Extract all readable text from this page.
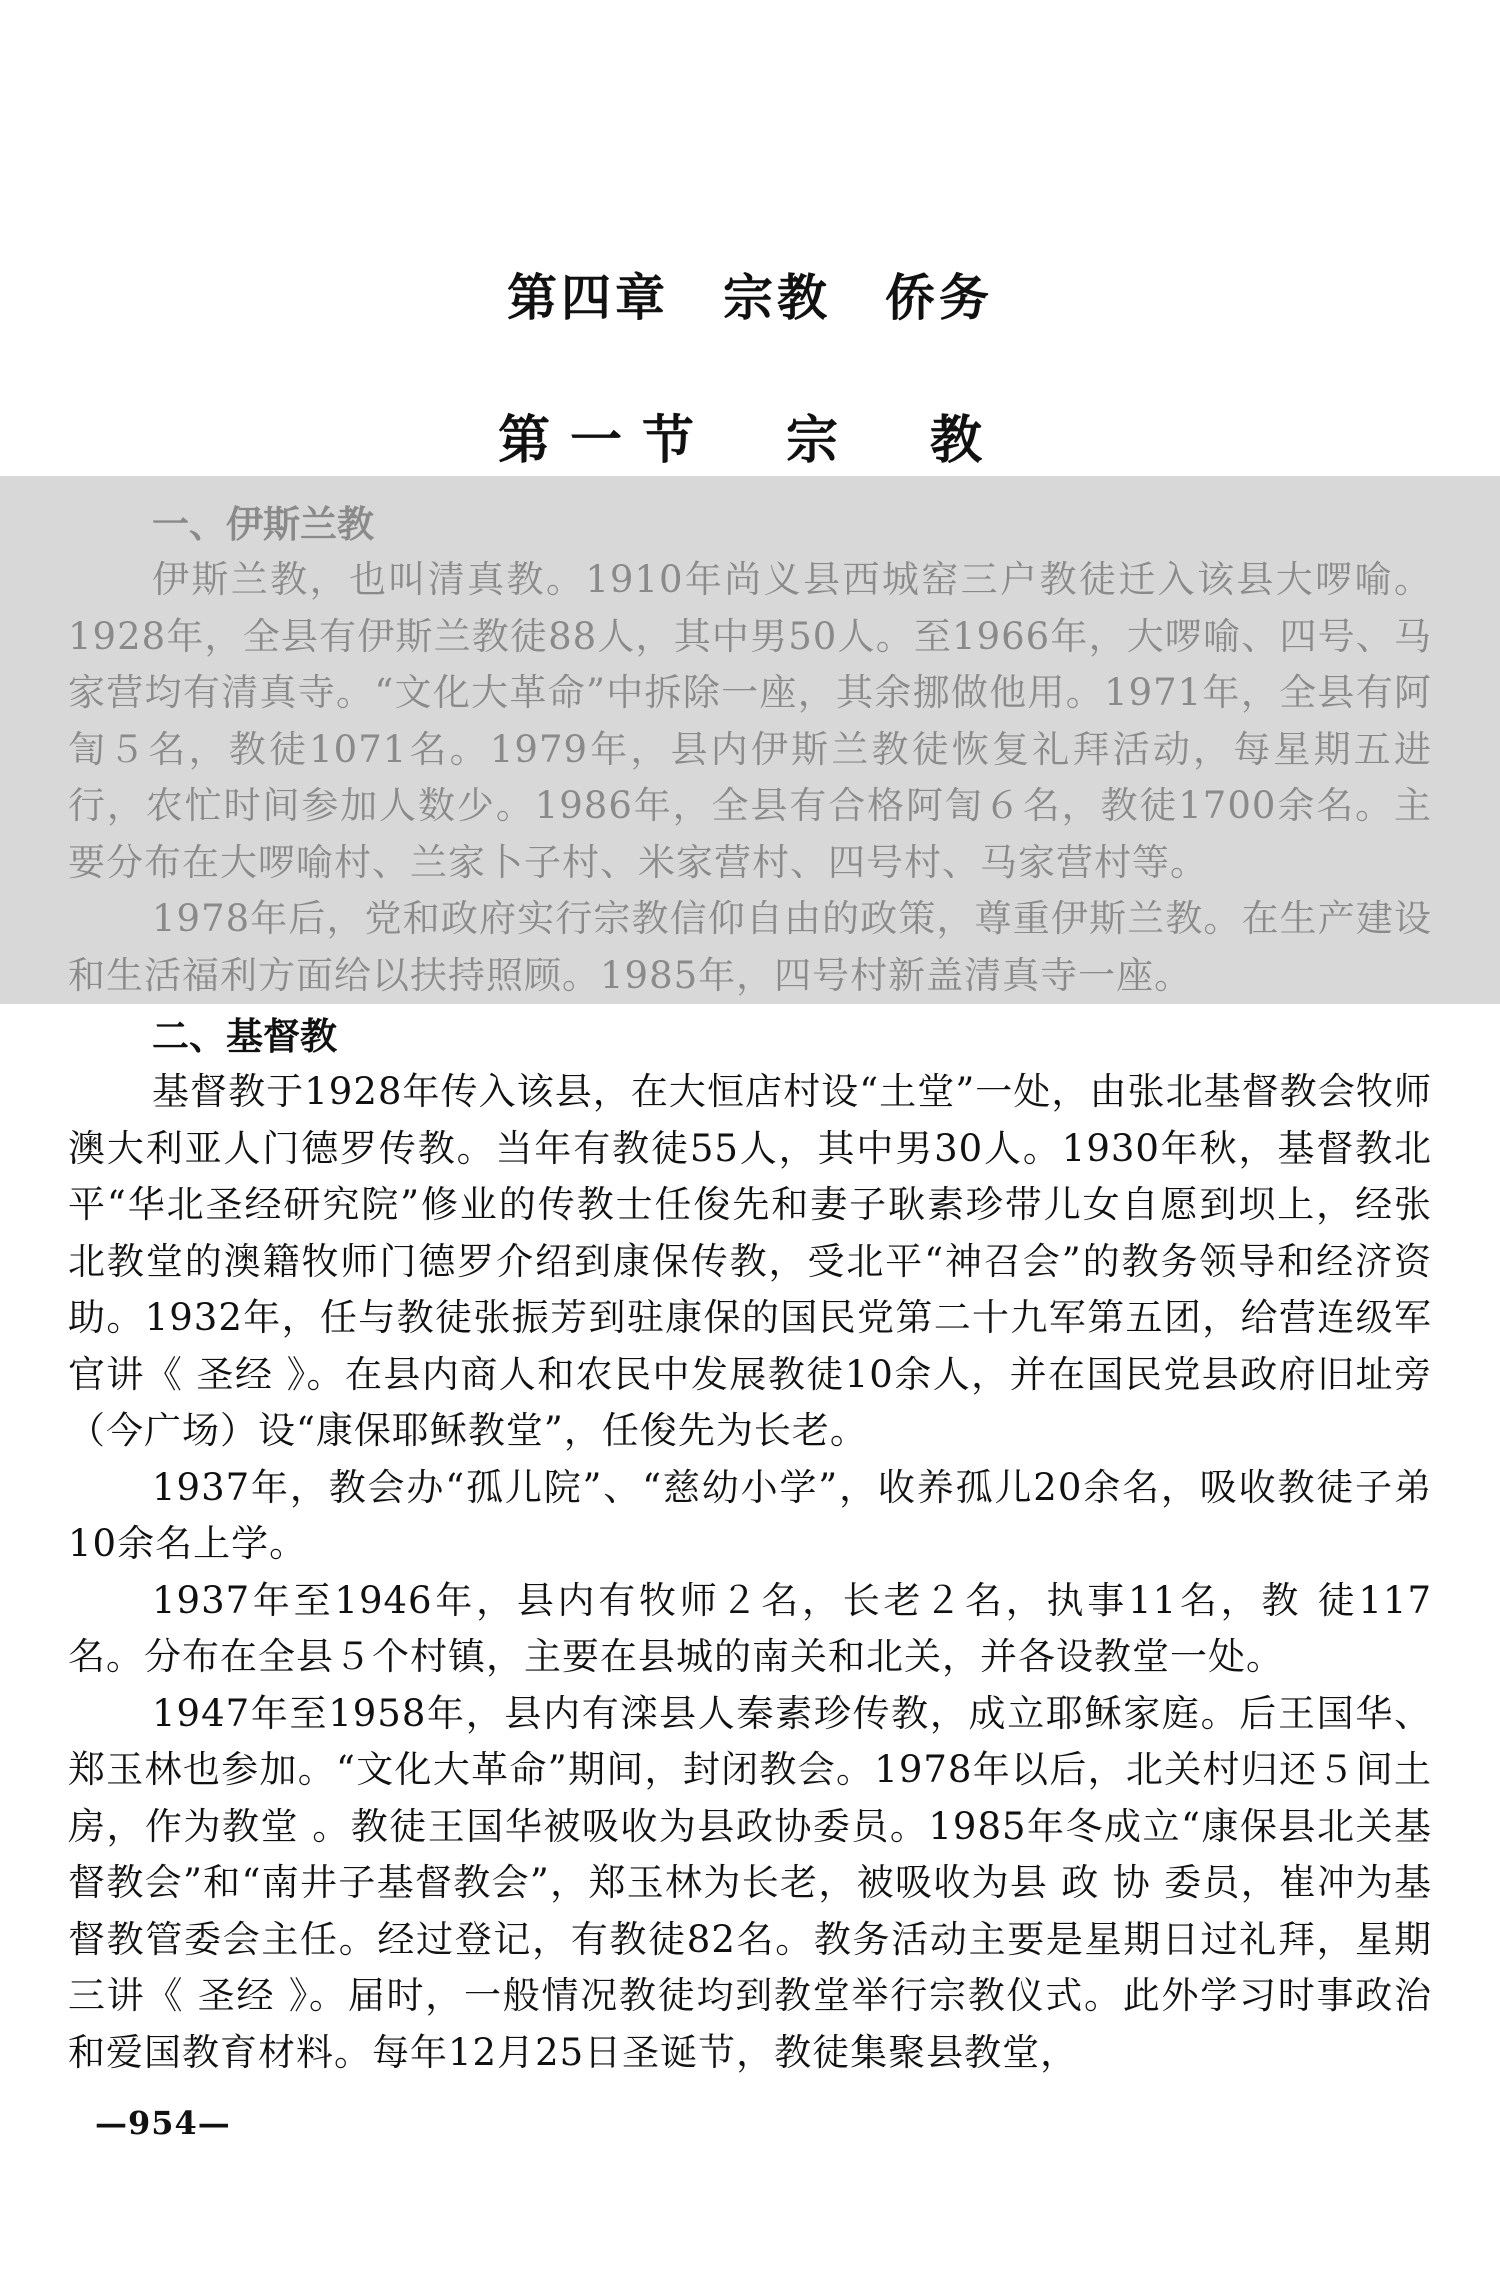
第四章　宗教　侨务
第一节　宗　教
一、伊斯兰教

伊斯兰教，也叫清真教。1910年尚义县西城窑三户教徒迁入该县大啰喻。1928年，全县有伊斯兰教徒88人，其中男50人。至1966年，大啰喻、四号、马家营均有清真寺。“文化大革命”中拆除一座，其余挪做他用。1971年，全县有阿訇５名，教徒1071名。1979年，县内伊斯兰教徒恢复礼拜活动，每星期五进行，农忙时间参加人数少。1986年，全县有合格阿訇６名，教徒1700余名。主要分布在大啰喻村、兰家卜子村、米家营村、四号村、马家营村等。

1978年后，党和政府实行宗教信仰自由的政策，尊重伊斯兰教。在生产建设和生活福利方面给以扶持照顾。1985年，四号村新盖清真寺一座。

二、基督教

基督教于1928年传入该县，在大恒店村设“土堂”一处，由张北基督教会牧师澳大利亚人门德罗传教。当年有教徒55人，其中男30人。1930年秋，基督教北平“华北圣经研究院”修业的传教士任俊先和妻子耿素珍带儿女自愿到坝上，经张北教堂的澳籍牧师门德罗介绍到康保传教，受北平“神召会”的教务领导和经济资助。1932年，任与教徒张振芳到驻康保的国民党第二十九军第五团，给营连级军官讲《 圣经 》。在县内商人和农民中发展教徒10余人，并在国民党县政府旧址旁（今广场）设“康保耶稣教堂”，任俊先为长老。

1937年，教会办“孤儿院”、“慈幼小学”，收养孤儿20余名，吸收教徒子弟10余名上学。

1937年至1946年，县内有牧师２名，长老２名，执事11名，教 徒117名。分布在全县５个村镇，主要在县城的南关和北关，并各设教堂一处。

1947年至1958年，县内有滦县人秦素珍传教，成立耶稣家庭。后王国华、郑玉林也参加。“文化大革命”期间，封闭教会。1978年以后，北关村归还５间土房，作为教堂 。教徒王国华被吸收为县政协委员。1985年冬成立“康保县北关基督教会”和“南井子基督教会”，郑玉林为长老，被吸收为县 政 协 委员，崔冲为基督教管委会主任。经过登记，有教徒82名。教务活动主要是星期日过礼拜，星期三讲《 圣经 》。届时，一般情况教徒均到教堂举行宗教仪式。此外学习时事政治和爱国教育材料。每年12月25日圣诞节，教徒集聚县教堂，

—954—
